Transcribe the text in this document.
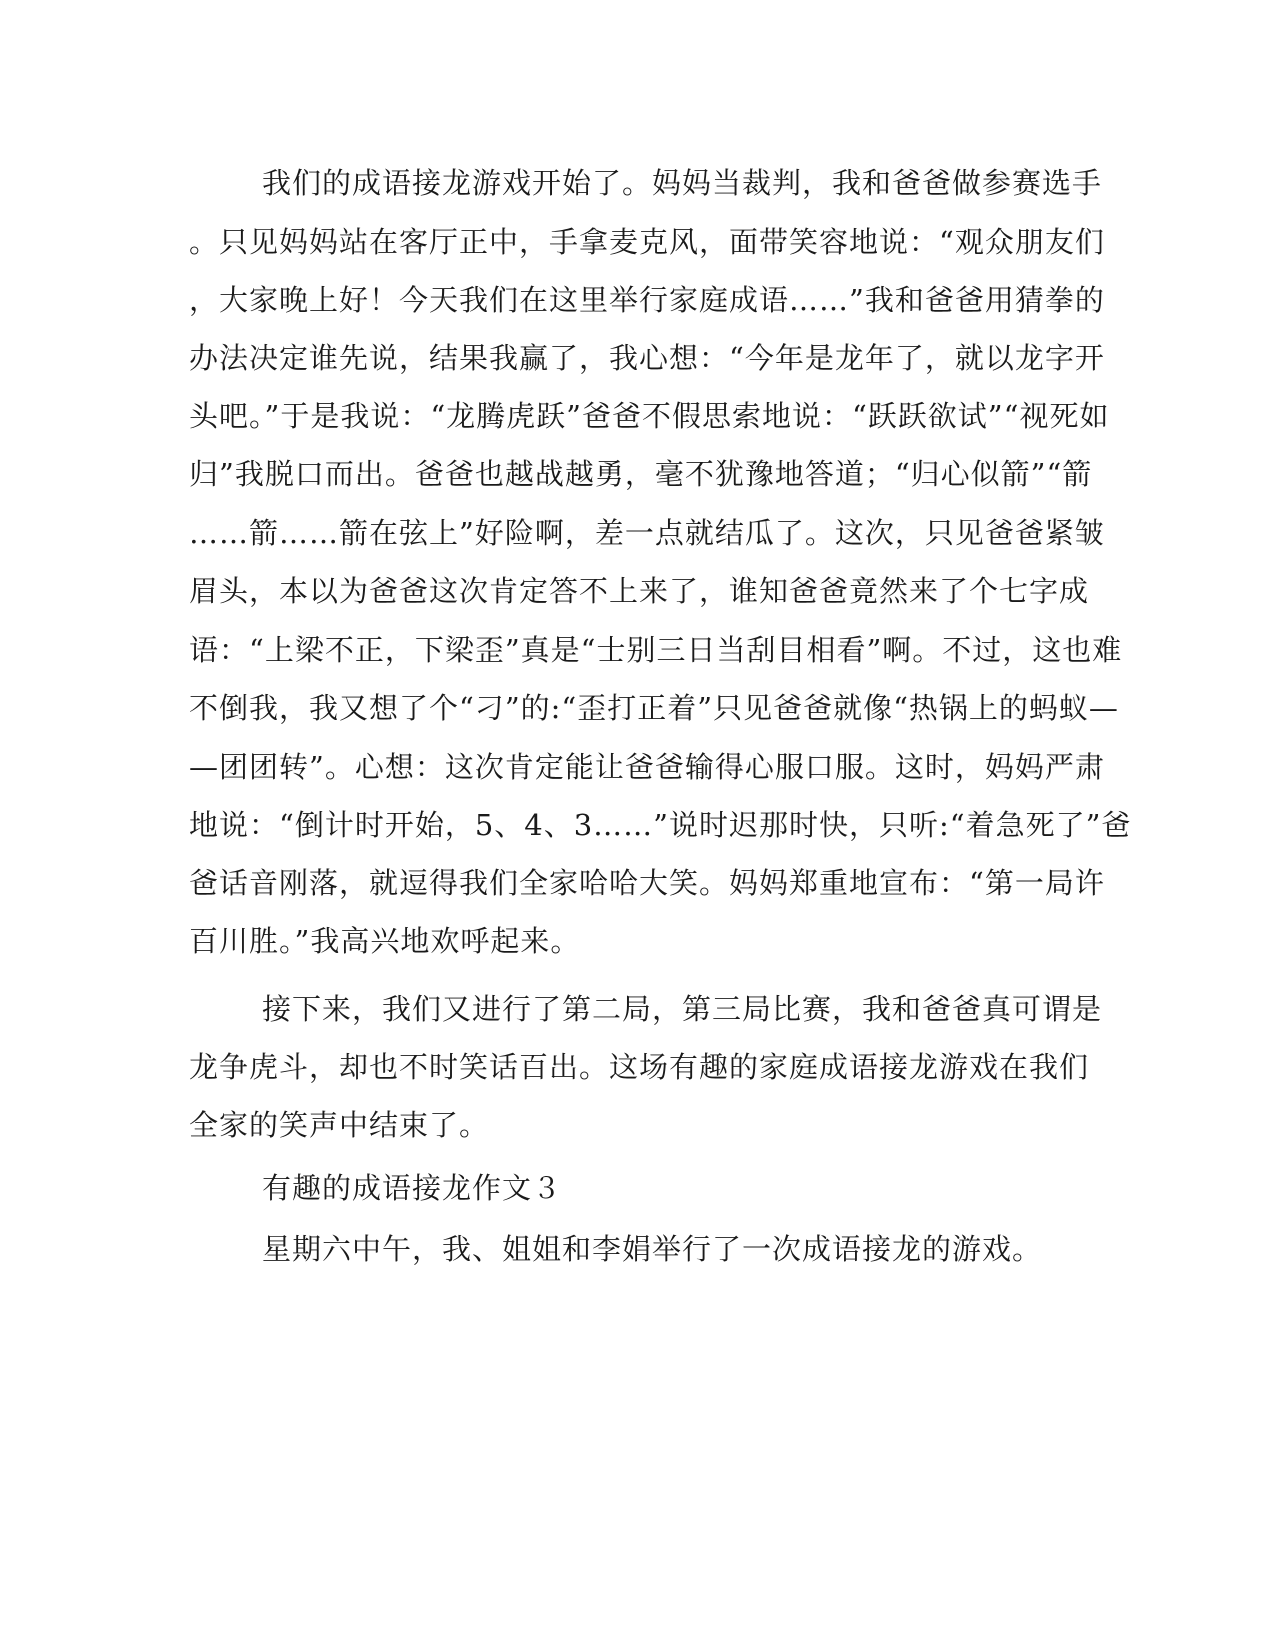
我们的成语接龙游戏开始了。妈妈当裁判，我和爸爸做参赛选手
。只见妈妈站在客厅正中，手拿麦克风，面带笑容地说：“观众朋友们
，大家晚上好！今天我们在这里举行家庭成语……”我和爸爸用猜拳的
办法决定谁先说，结果我赢了，我心想：“今年是龙年了，就以龙字开
头吧。”于是我说：“龙腾虎跃”爸爸不假思索地说：“跃跃欲试”“视死如
归”我脱口而出。爸爸也越战越勇，毫不犹豫地答道；“归心似箭”“箭
……箭……箭在弦上”好险啊，差一点就结瓜了。这次，只见爸爸紧皱
眉头，本以为爸爸这次肯定答不上来了，谁知爸爸竟然来了个七字成
语：“上梁不正，下梁歪”真是“士别三日当刮目相看”啊。不过，这也难
不倒我，我又想了个“刁”的:“歪打正着”只见爸爸就像“热锅上的蚂蚁—
—团团转”。心想：这次肯定能让爸爸输得心服口服。这时，妈妈严肃
地说：“倒计时开始，5、4、3……”说时迟那时快，只听:“着急死了”爸
爸话音刚落，就逗得我们全家哈哈大笑。妈妈郑重地宣布：“第一局许
百川胜。”我高兴地欢呼起来。
接下来，我们又进行了第二局，第三局比赛，我和爸爸真可谓是
龙争虎斗，却也不时笑话百出。这场有趣的家庭成语接龙游戏在我们
全家的笑声中结束了。
有趣的成语接龙作文３
星期六中午，我、姐姐和李娟举行了一次成语接龙的游戏。
